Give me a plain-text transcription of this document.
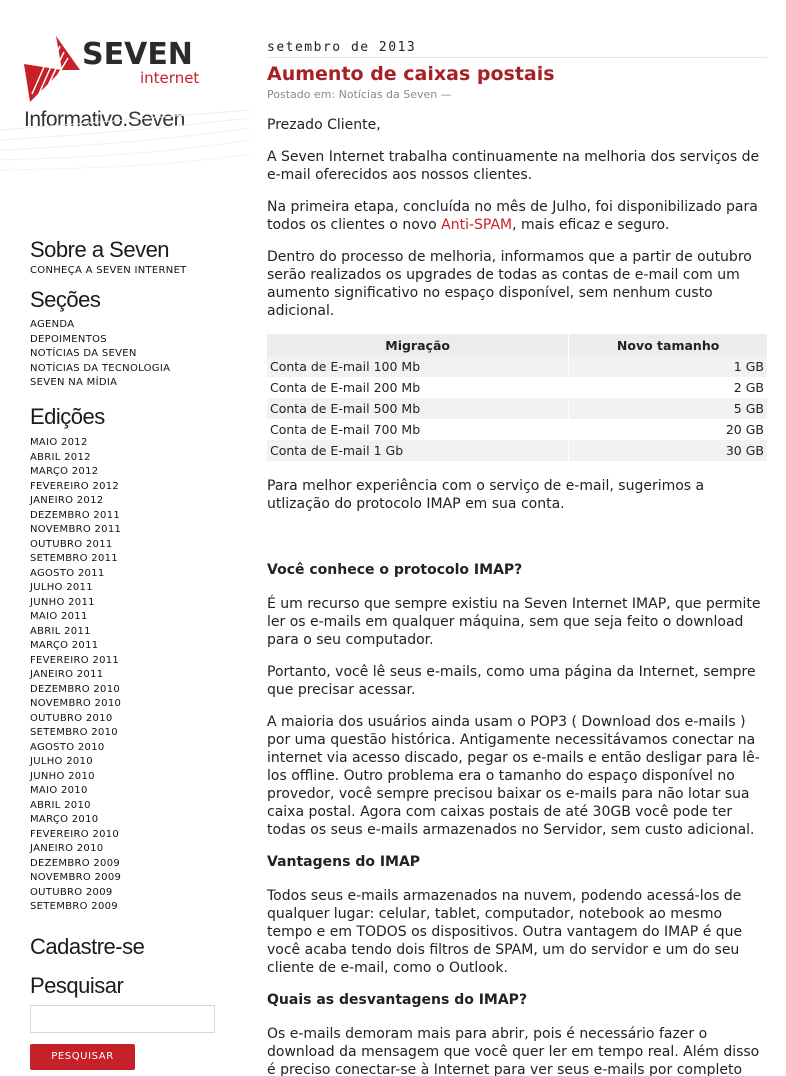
SEVEN
internet
Informativo.Seven
Sobre a Seven
CONHEÇA A SEVEN INTERNET
Seções
AGENDA
DEPOIMENTOS
NOTÍCIAS DA SEVEN
NOTÍCIAS DA TECNOLOGIA
SEVEN NA MÍDIA
Edições
MAIO 2012
ABRIL 2012
MARÇO 2012
FEVEREIRO 2012
JANEIRO 2012
DEZEMBRO 2011
NOVEMBRO 2011
OUTUBRO 2011
SETEMBRO 2011
AGOSTO 2011
JULHO 2011
JUNHO 2011
MAIO 2011
ABRIL 2011
MARÇO 2011
FEVEREIRO 2011
JANEIRO 2011
DEZEMBRO 2010
NOVEMBRO 2010
OUTUBRO 2010
SETEMBRO 2010
AGOSTO 2010
JULHO 2010
JUNHO 2010
MAIO 2010
ABRIL 2010
MARÇO 2010
FEVEREIRO 2010
JANEIRO 2010
DEZEMBRO 2009
NOVEMBRO 2009
OUTUBRO 2009
SETEMBRO 2009
Cadastre-se
Pesquisar
PESQUISAR
setembro de 2013
Aumento de caixas postais
Postado em: Notícias da Seven —

Prezado Cliente,

A Seven Internet trabalha continuamente na melhoria dos serviços de e-mail oferecidos aos nossos clientes.

Na primeira etapa, concluída no mês de Julho, foi disponibilizado para todos os clientes o novo Anti-SPAM, mais eficaz e seguro.

Dentro do processo de melhoria, informamos que a partir de outubro serão realizados os upgrades de todas as contas de e-mail com um aumento significativo no espaço disponível, sem nenhum custo adicional.

Migração	Novo tamanho
Conta de E-mail 100 Mb	1 GB
Conta de E-mail 200 Mb	2 GB
Conta de E-mail 500 Mb	5 GB
Conta de E-mail 700 Mb	20 GB
Conta de E-mail 1 Gb	30 GB

Para melhor experiência com o serviço de e-mail, sugerimos a utlização do protocolo IMAP em sua conta.

Você conhece o protocolo IMAP?

É um recurso que sempre existiu na Seven Internet IMAP, que permite ler os e-mails em qualquer máquina, sem que seja feito o download para o seu computador.

Portanto, você lê seus e-mails, como uma página da Internet, sempre que precisar acessar.

A maioria dos usuários ainda usam o POP3 ( Download dos e-mails ) por uma questão histórica. Antigamente necessitávamos conectar na internet via acesso discado, pegar os e-mails e então desligar para lê-los offline. Outro problema era o tamanho do espaço disponível no provedor, você sempre precisou baixar os e-mails para não lotar sua caixa postal. Agora com caixas postais de até 30GB você pode ter todas os seus e-mails armazenados no Servidor, sem custo adicional.

Vantagens do IMAP

Todos seus e-mails armazenados na nuvem, podendo acessá-los de qualquer lugar: celular, tablet, computador, notebook ao mesmo tempo e em TODOS os dispositivos. Outra vantagem do IMAP é que você acaba tendo dois filtros de SPAM, um do servidor e um do seu cliente de e-mail, como o Outlook.

Quais as desvantagens do IMAP?

Os e-mails demoram mais para abrir, pois é necessário fazer o download da mensagem que você quer ler em tempo real. Além disso é preciso conectar-se à Internet para ver seus e-mails por completo
